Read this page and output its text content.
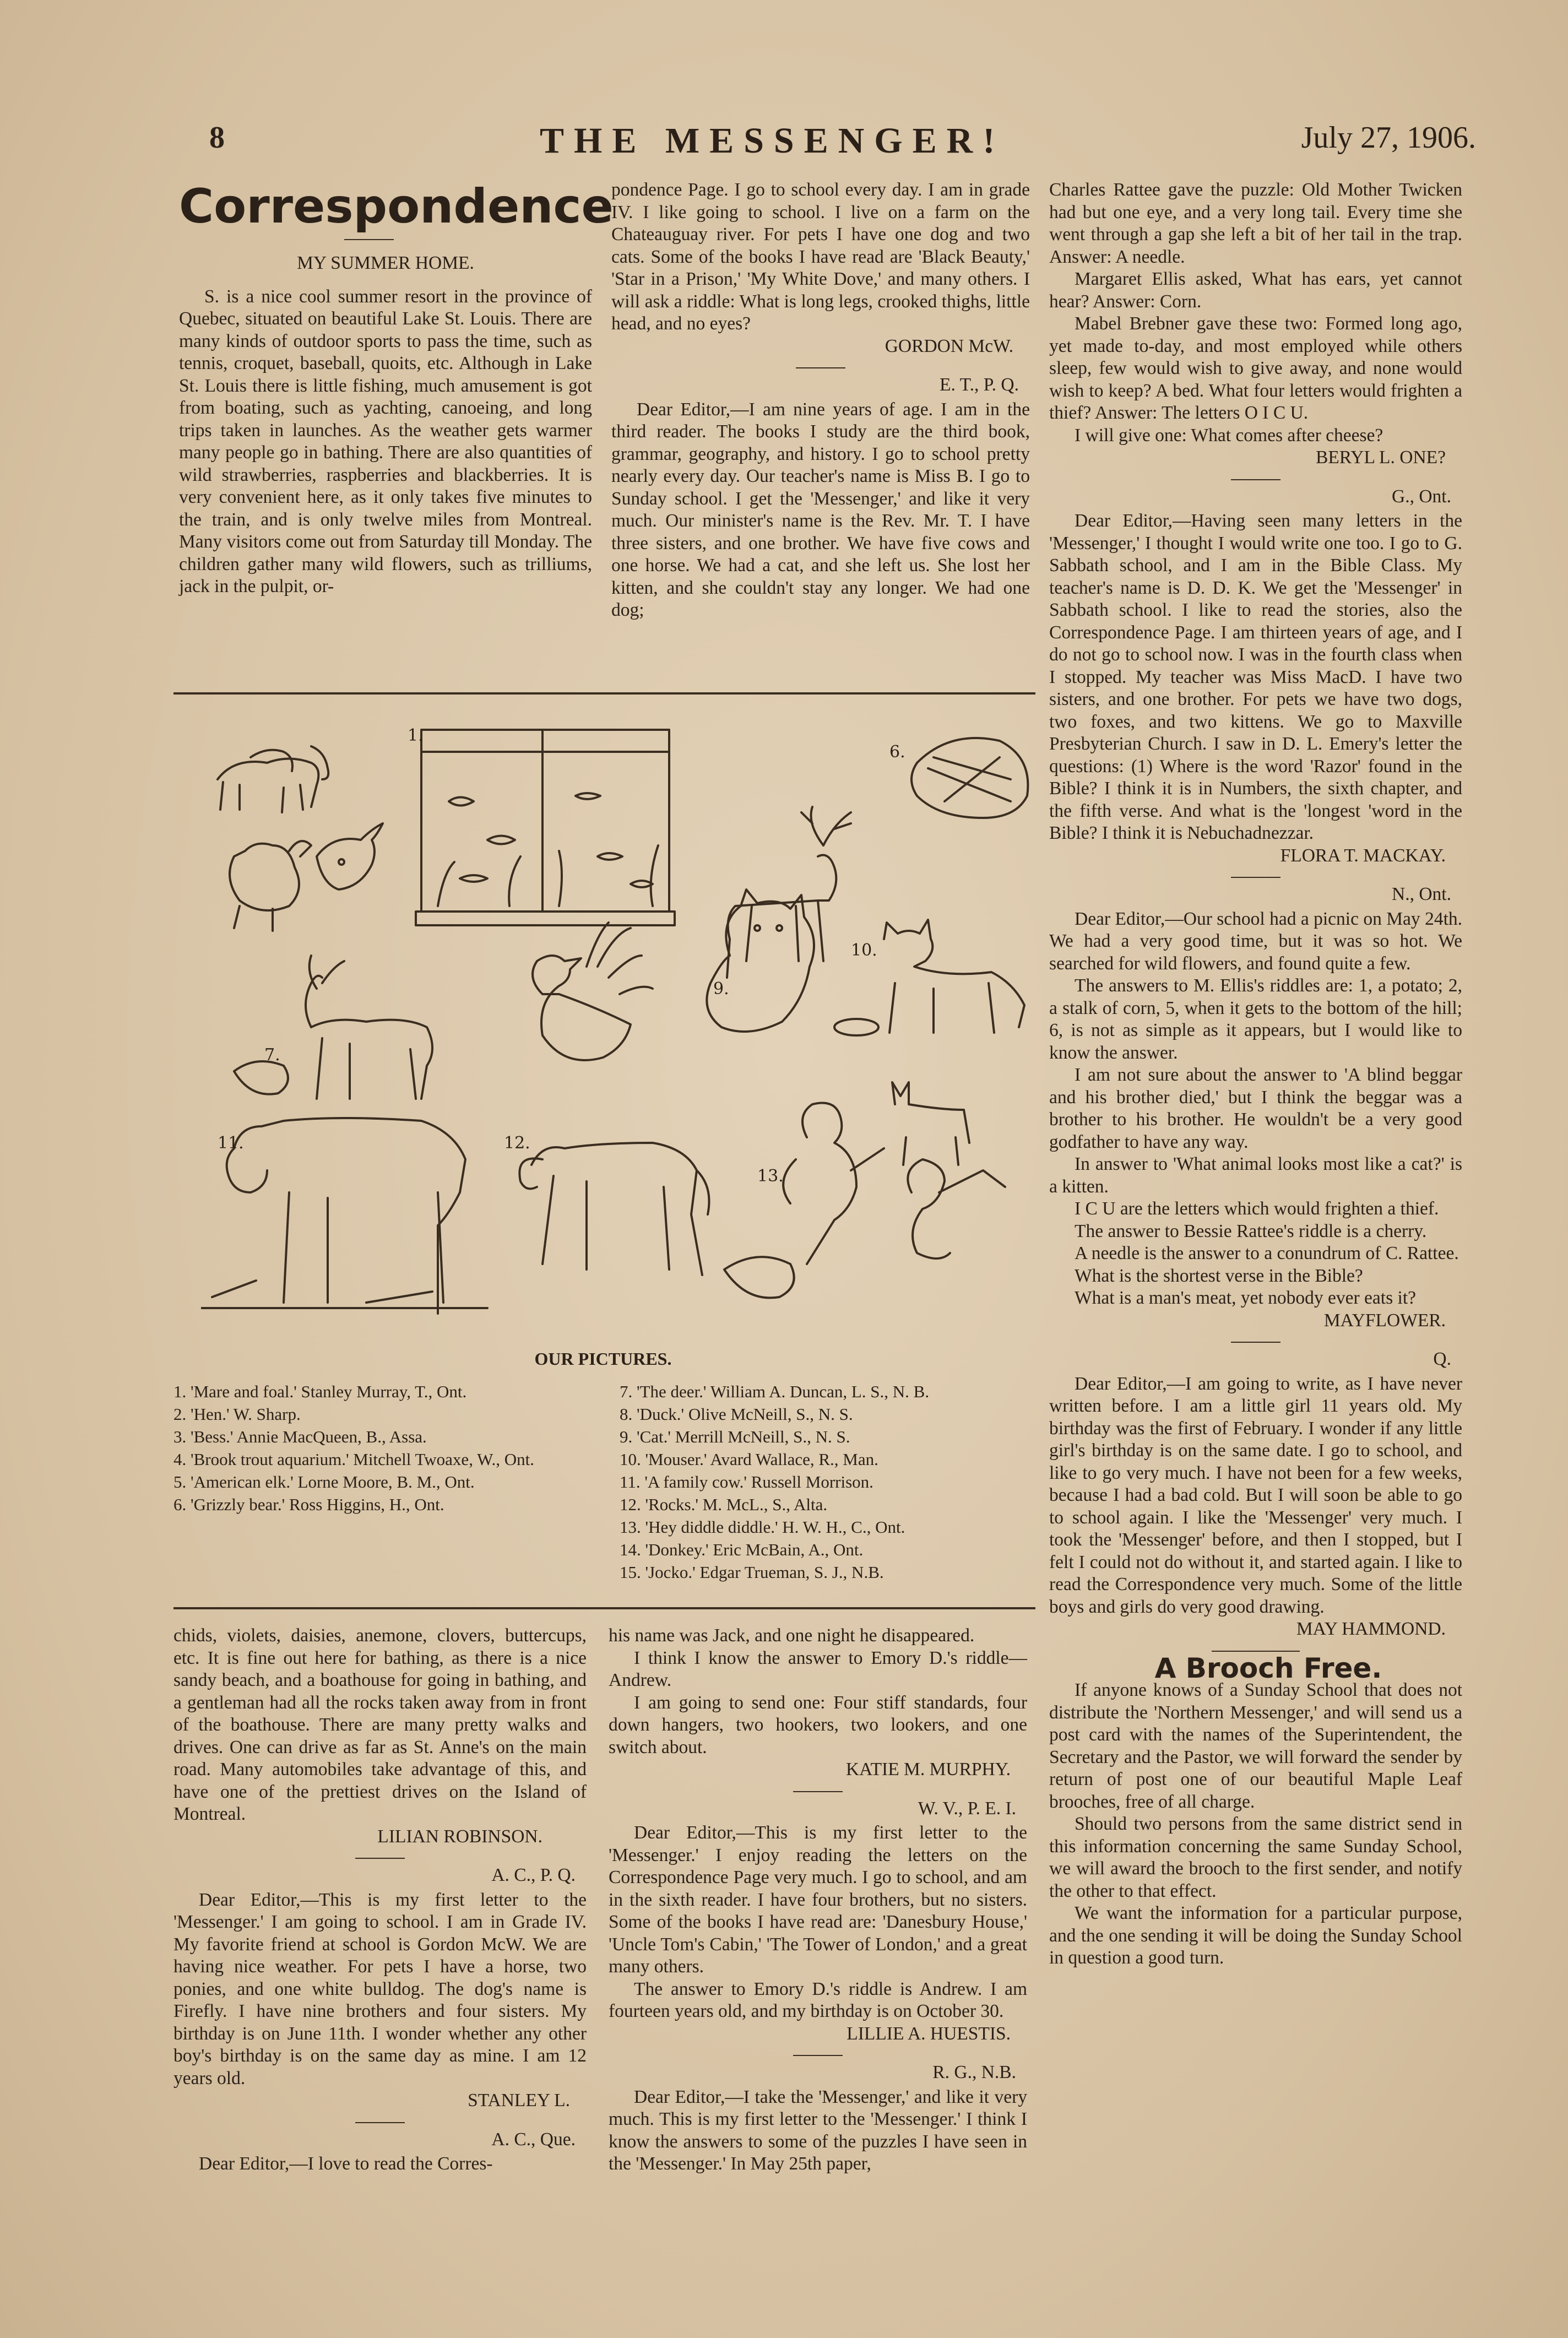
8	THE MESSENGER!	July 27, 1906.
Correspondence

MY SUMMER HOME.

S. is a nice cool summer resort in the province of Quebec, situated on beautiful Lake St. Louis. There are many kinds of outdoor sports to pass the time, such as tennis, croquet, baseball, quoits, etc. Although in Lake St. Louis there is little fishing, much amusement is got from boating, such as yachting, canoeing, and long trips taken in launches. As the weather gets warmer many people go in bathing. There are also quantities of wild strawberries, raspberries and blackberries. It is very convenient here, as it only takes five minutes to the train, and is only twelve miles from Montreal. Many visitors come out from Saturday till Monday. The children gather many wild flowers, such as trilliums, jack in the pulpit, or-

pondence Page. I go to school every day. I am in grade IV. I like going to school. I live on a farm on the Chateauguay river. For pets I have one dog and two cats. Some of the books I have read are 'Black Beauty,' 'Star in a Prison,' 'My White Dove,' and many others. I will ask a riddle: What is long legs, crooked thighs, little head, and no eyes?

GORDON McW.

E. T., P. Q.

Dear Editor,—I am nine years of age. I am in the third reader. The books I study are the third book, grammar, geography, and history. I go to school pretty nearly every day. Our teacher's name is Miss B. I go to Sunday school. I get the 'Messenger,' and like it very much. Our minister's name is the Rev. Mr. T. I have three sisters, and one brother. We have five cows and one horse. We had a cat, and she left us. She lost her kitten, and she couldn't stay any longer. We had one dog;

Charles Rattee gave the puzzle: Old Mother Twicken had but one eye, and a very long tail. Every time she went through a gap she left a bit of her tail in the trap. Answer: A needle.

Margaret Ellis asked, What has ears, yet cannot hear? Answer: Corn.

Mabel Brebner gave these two: Formed long ago, yet made to-day, and most employed while others sleep, few would wish to give away, and none would wish to keep? A bed. What four letters would frighten a thief? Answer: The letters O I C U.

I will give one: What comes after cheese?

BERYL L. ONE?

G., Ont.

Dear Editor,—Having seen many letters in the 'Messenger,' I thought I would write one too. I go to G. Sabbath school, and I am in the Bible Class. My teacher's name is D. D. K. We get the 'Messenger' in Sabbath school. I like to read the stories, also the Correspondence Page. I am thirteen years of age, and I do not go to school now. I was in the fourth class when I stopped. My teacher was Miss MacD. I have two sisters, and one brother. For pets we have two dogs, two foxes, and two kittens. We go to Maxville Presbyterian Church. I saw in D. L. Emery's letter the questions: (1) Where is the word 'Razor' found in the Bible? I think it is in Numbers, the sixth chapter, and the fifth verse. And what is the 'longest 'word in the Bible? I think it is Nebuchadnezzar.

FLORA T. MACKAY.

N., Ont.

Dear Editor,—Our school had a picnic on May 24th. We had a very good time, but it was so hot. We searched for wild flowers, and found quite a few.

The answers to M. Ellis's riddles are: 1, a potato; 2, a stalk of corn, 5, when it gets to the bottom of the hill; 6, is not as simple as it appears, but I would like to know the answer.

I am not sure about the answer to 'A blind beggar and his brother died,' but I think the beggar was a brother to his brother. He wouldn't be a very good godfather to have any way.

In answer to 'What animal looks most like a cat?' is a kitten.

I C U are the letters which would frighten a thief.

The answer to Bessie Rattee's riddle is a cherry.

A needle is the answer to a conundrum of C. Rattee.

What is the shortest verse in the Bible?

What is a man's meat, yet nobody ever eats it?

MAYFLOWER.

Q.

Dear Editor,—I am going to write, as I have never written before. I am a little girl 11 years old. My birthday was the first of February. I wonder if any little girl's birthday is on the same date. I go to school, and like to go very much. I have not been for a few weeks, because I had a bad cold. But I will soon be able to go to school again. I like the 'Messenger' very much. I took the 'Messenger' before, and then I stopped, but I felt I could not do without it, and started again. I like to read the Correspondence very much. Some of the little boys and girls do very good drawing.

MAY HAMMOND.

A Brooch Free.

If anyone knows of a Sunday School that does not distribute the 'Northern Messenger,' and will send us a post card with the names of the Superintendent, the Secretary and the Pastor, we will forward the sender by return of post one of our beautiful Maple Leaf brooches, free of all charge.

Should two persons from the same district send in this information concerning the same Sunday School, we will award the brooch to the first sender, and notify the other to that effect.

We want the information for a particular purpose, and the one sending it will be doing the Sunday School in question a good turn.

1.
6.
7.
9.
10.
11.	12.
13.
OUR PICTURES.
1. 'Mare and foal.' Stanley Murray, T., Ont.
2. 'Hen.' W. Sharp.
3. 'Bess.' Annie MacQueen, B., Assa.
4. 'Brook trout aquarium.' Mitchell Twoaxe, W., Ont.
5. 'American elk.' Lorne Moore, B. M., Ont.
6. 'Grizzly bear.' Ross Higgins, H., Ont.
7. 'The deer.' William A. Duncan, L. S., N. B.
8. 'Duck.' Olive McNeill, S., N. S.
9. 'Cat.' Merrill McNeill, S., N. S.
10. 'Mouser.' Avard Wallace, R., Man.
11. 'A family cow.' Russell Morrison.
12. 'Rocks.' M. McL., S., Alta.
13. 'Hey diddle diddle.' H. W. H., C., Ont.
14. 'Donkey.' Eric McBain, A., Ont.
15. 'Jocko.' Edgar Trueman, S. J., N.B.

chids, violets, daisies, anemone, clovers, buttercups, etc. It is fine out here for bathing, as there is a nice sandy beach, and a boathouse for going in bathing, and a gentleman had all the rocks taken away from in front of the boathouse. There are many pretty walks and drives. One can drive as far as St. Anne's on the main road. Many automobiles take advantage of this, and have one of the prettiest drives on the Island of Montreal.

LILIAN ROBINSON.

A. C., P. Q.

Dear Editor,—This is my first letter to the 'Messenger.' I am going to school. I am in Grade IV. My favorite friend at school is Gordon McW. We are having nice weather. For pets I have a horse, two ponies, and one white bulldog. The dog's name is Firefly. I have nine brothers and four sisters. My birthday is on June 11th. I wonder whether any other boy's birthday is on the same day as mine. I am 12 years old.

STANLEY L.

A. C., Que.

Dear Editor,—I love to read the Corres-

his name was Jack, and one night he disappeared.

I think I know the answer to Emory D.'s riddle—Andrew.

I am going to send one: Four stiff standards, four down hangers, two hookers, two lookers, and one switch about.

KATIE M. MURPHY.

W. V., P. E. I.

Dear Editor,—This is my first letter to the 'Messenger.' I enjoy reading the letters on the Correspondence Page very much. I go to school, and am in the sixth reader. I have four brothers, but no sisters. Some of the books I have read are: 'Danesbury House,' 'Uncle Tom's Cabin,' 'The Tower of London,' and a great many others.

The answer to Emory D.'s riddle is Andrew. I am fourteen years old, and my birthday is on October 30.

LILLIE A. HUESTIS.

R. G., N.B.

Dear Editor,—I take the 'Messenger,' and like it very much. This is my first letter to the 'Messenger.' I think I know the answers to some of the puzzles I have seen in the 'Messenger.' In May 25th paper,
